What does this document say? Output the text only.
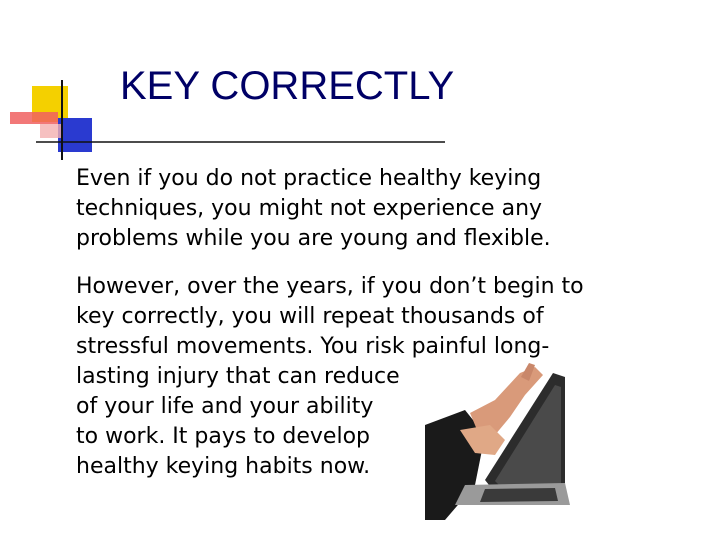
KEY CORRECTLY

Even if you do not practice healthy keying
techniques, you might not experience any
problems while you are young and flexible.

However, over the years, if you don’t begin to
key correctly, you will repeat thousands of
stressful movements. You risk painful long-
lasting injury that can reduce
of your life and your ability
to work. It pays to develop
healthy keying habits now.
